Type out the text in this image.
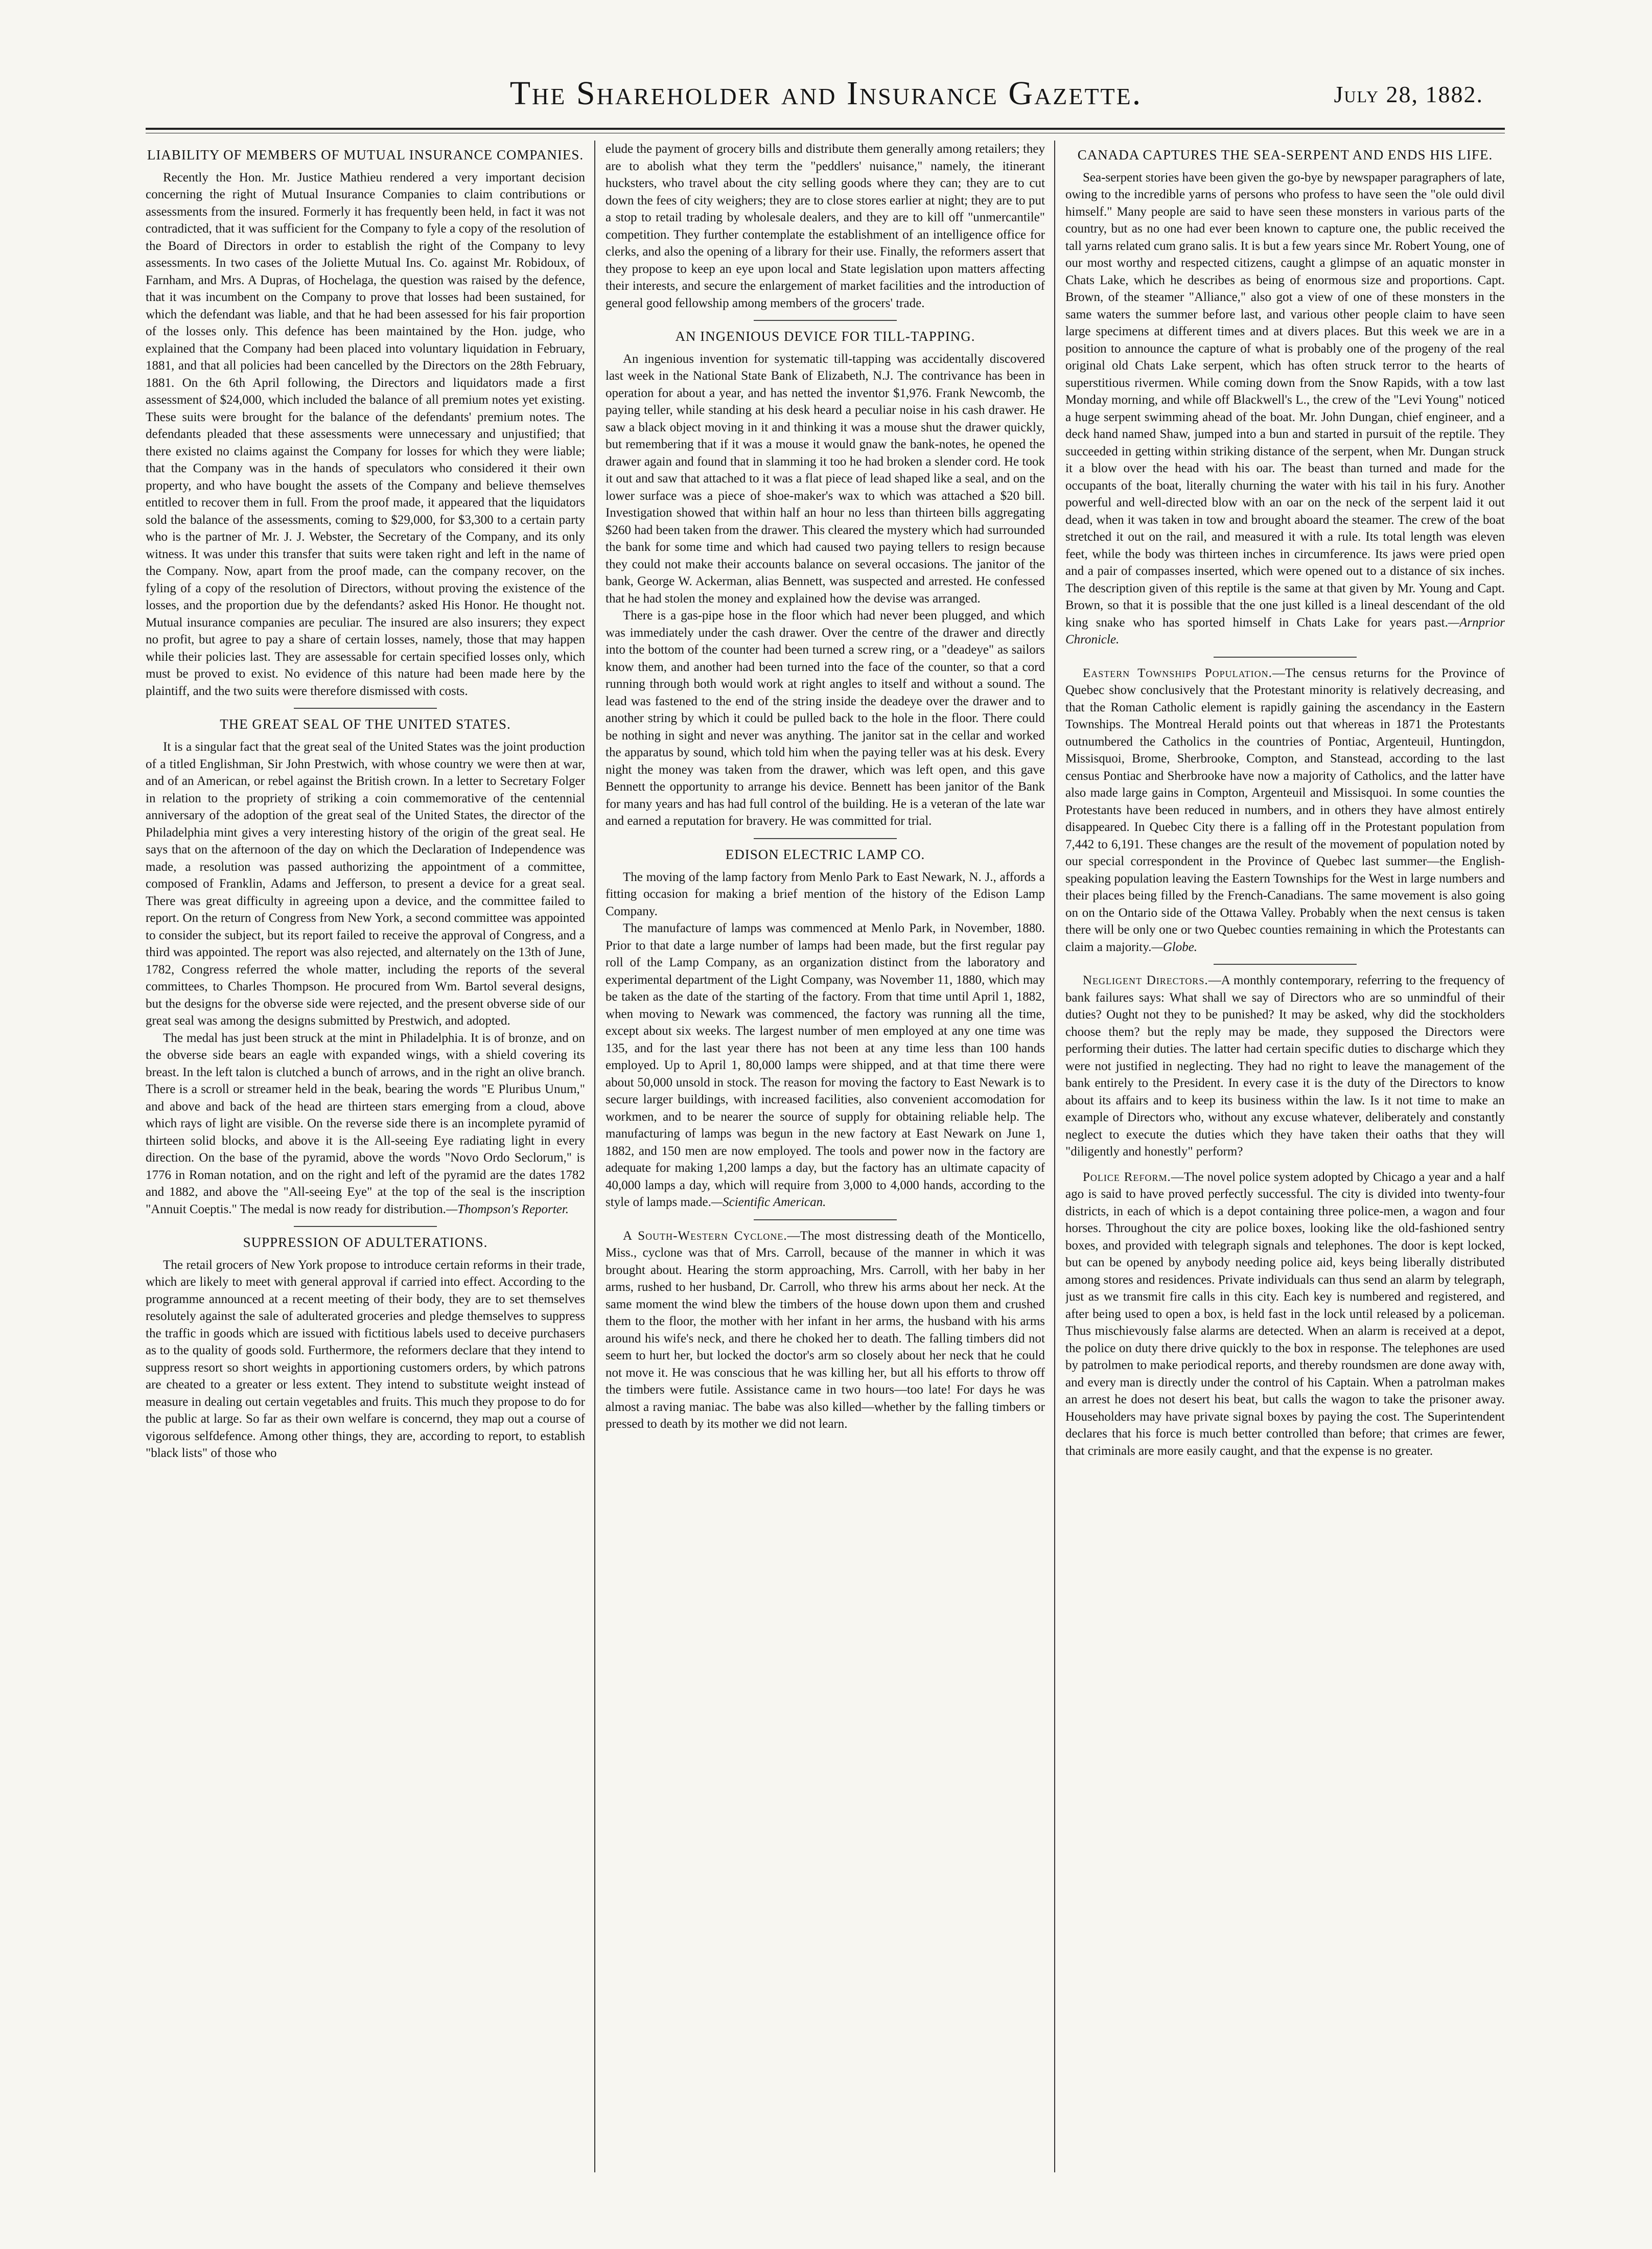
The Shareholder and Insurance Gazette.	July 28, 1882.
LIABILITY OF MEMBERS OF MUTUAL INSURANCE COMPANIES.

Recently the Hon. Mr. Justice Mathieu rendered a very important decision concerning the right of Mutual Insurance Companies to claim contributions or assessments from the insured. Formerly it has frequently been held, in fact it was not contradicted, that it was sufficient for the Company to fyle a copy of the resolution of the Board of Directors in order to establish the right of the Company to levy assessments. In two cases of the Joliette Mutual Ins. Co. against Mr. Robidoux, of Farnham, and Mrs. A Dupras, of Hochelaga, the question was raised by the defence, that it was incumbent on the Company to prove that losses had been sustained, for which the defendant was liable, and that he had been assessed for his fair proportion of the losses only. This defence has been maintained by the Hon. judge, who explained that the Company had been placed into voluntary liquidation in February, 1881, and that all policies had been cancelled by the Directors on the 28th February, 1881. On the 6th April following, the Directors and liquidators made a first assessment of $24,000, which included the balance of all premium notes yet existing. These suits were brought for the balance of the defendants' premium notes. The defendants pleaded that these assessments were unnecessary and unjustified; that there existed no claims against the Company for losses for which they were liable; that the Company was in the hands of speculators who considered it their own property, and who have bought the assets of the Company and believe themselves entitled to recover them in full. From the proof made, it appeared that the liquidators sold the balance of the assessments, coming to $29,000, for $3,300 to a certain party who is the partner of Mr. J. J. Webster, the Secretary of the Company, and its only witness. It was under this transfer that suits were taken right and left in the name of the Company. Now, apart from the proof made, can the company recover, on the fyling of a copy of the resolution of Directors, without proving the existence of the losses, and the proportion due by the defendants? asked His Honor. He thought not. Mutual insurance companies are peculiar. The insured are also insurers; they expect no profit, but agree to pay a share of certain losses, namely, those that may happen while their policies last. They are assessable for certain specified losses only, which must be proved to exist. No evidence of this nature had been made here by the plaintiff, and the two suits were therefore dismissed with costs.

THE GREAT SEAL OF THE UNITED STATES.

It is a singular fact that the great seal of the United States was the joint production of a titled Englishman, Sir John Prestwich, with whose country we were then at war, and of an American, or rebel against the British crown. In a letter to Secretary Folger in relation to the propriety of striking a coin commemorative of the centennial anniversary of the adoption of the great seal of the United States, the director of the Philadelphia mint gives a very interesting history of the origin of the great seal. He says that on the afternoon of the day on which the Declaration of Independence was made, a resolution was passed authorizing the appointment of a committee, composed of Franklin, Adams and Jefferson, to present a device for a great seal. There was great difficulty in agreeing upon a device, and the committee failed to report. On the return of Congress from New York, a second committee was appointed to consider the subject, but its report failed to receive the approval of Congress, and a third was appointed. The report was also rejected, and alternately on the 13th of June, 1782, Congress referred the whole matter, including the reports of the several committees, to Charles Thompson. He procured from Wm. Bartol several designs, but the designs for the obverse side were rejected, and the present obverse side of our great seal was among the designs submitted by Prestwich, and adopted.

The medal has just been struck at the mint in Philadelphia. It is of bronze, and on the obverse side bears an eagle with expanded wings, with a shield covering its breast. In the left talon is clutched a bunch of arrows, and in the right an olive branch. There is a scroll or streamer held in the beak, bearing the words "E Pluribus Unum," and above and back of the head are thirteen stars emerging from a cloud, above which rays of light are visible. On the reverse side there is an incomplete pyramid of thirteen solid blocks, and above it is the All-seeing Eye radiating light in every direction. On the base of the pyramid, above the words "Novo Ordo Seclorum," is 1776 in Roman notation, and on the right and left of the pyramid are the dates 1782 and 1882, and above the "All-seeing Eye" at the top of the seal is the inscription "Annuit Coeptis." The medal is now ready for distribution.—Thompson's Reporter.

SUPPRESSION OF ADULTERATIONS.

The retail grocers of New York propose to introduce certain reforms in their trade, which are likely to meet with general approval if carried into effect. According to the programme announced at a recent meeting of their body, they are to set themselves resolutely against the sale of adulterated groceries and pledge themselves to suppress the traffic in goods which are issued with fictitious labels used to deceive purchasers as to the quality of goods sold. Furthermore, the reformers declare that they intend to suppress resort so short weights in apportioning customers orders, by which patrons are cheated to a greater or less extent. They intend to substitute weight instead of measure in dealing out certain vegetables and fruits. This much they propose to do for the public at large. So far as their own welfare is concernd, they map out a course of vigorous selfdefence. Among other things, they are, according to report, to establish "black lists" of those who

elude the payment of grocery bills and distribute them generally among retailers; they are to abolish what they term the "peddlers' nuisance," namely, the itinerant hucksters, who travel about the city selling goods where they can; they are to cut down the fees of city weighers; they are to close stores earlier at night; they are to put a stop to retail trading by wholesale dealers, and they are to kill off "unmercantile" competition. They further contemplate the establishment of an intelligence office for clerks, and also the opening of a library for their use. Finally, the reformers assert that they propose to keep an eye upon local and State legislation upon matters affecting their interests, and secure the enlargement of market facilities and the introduction of general good fellowship among members of the grocers' trade.

AN INGENIOUS DEVICE FOR TILL-TAPPING.

An ingenious invention for systematic till-tapping was accidentally discovered last week in the National State Bank of Elizabeth, N.J. The contrivance has been in operation for about a year, and has netted the inventor $1,976. Frank Newcomb, the paying teller, while standing at his desk heard a peculiar noise in his cash drawer. He saw a black object moving in it and thinking it was a mouse shut the drawer quickly, but remembering that if it was a mouse it would gnaw the bank-notes, he opened the drawer again and found that in slamming it too he had broken a slender cord. He took it out and saw that attached to it was a flat piece of lead shaped like a seal, and on the lower surface was a piece of shoe-maker's wax to which was attached a $20 bill. Investigation showed that within half an hour no less than thirteen bills aggregating $260 had been taken from the drawer. This cleared the mystery which had surrounded the bank for some time and which had caused two paying tellers to resign because they could not make their accounts balance on several occasions. The janitor of the bank, George W. Ackerman, alias Bennett, was suspected and arrested. He confessed that he had stolen the money and explained how the devise was arranged.

There is a gas-pipe hose in the floor which had never been plugged, and which was immediately under the cash drawer. Over the centre of the drawer and directly into the bottom of the counter had been turned a screw ring, or a "deadeye" as sailors know them, and another had been turned into the face of the counter, so that a cord running through both would work at right angles to itself and without a sound. The lead was fastened to the end of the string inside the deadeye over the drawer and to another string by which it could be pulled back to the hole in the floor. There could be nothing in sight and never was anything. The janitor sat in the cellar and worked the apparatus by sound, which told him when the paying teller was at his desk. Every night the money was taken from the drawer, which was left open, and this gave Bennett the opportunity to arrange his device. Bennett has been janitor of the Bank for many years and has had full control of the building. He is a veteran of the late war and earned a reputation for bravery. He was committed for trial.

EDISON ELECTRIC LAMP CO.

The moving of the lamp factory from Menlo Park to East Newark, N. J., affords a fitting occasion for making a brief mention of the history of the Edison Lamp Company.

The manufacture of lamps was commenced at Menlo Park, in November, 1880. Prior to that date a large number of lamps had been made, but the first regular pay roll of the Lamp Company, as an organization distinct from the laboratory and experimental department of the Light Company, was November 11, 1880, which may be taken as the date of the starting of the factory. From that time until April 1, 1882, when moving to Newark was commenced, the factory was running all the time, except about six weeks. The largest number of men employed at any one time was 135, and for the last year there has not been at any time less than 100 hands employed. Up to April 1, 80,000 lamps were shipped, and at that time there were about 50,000 unsold in stock. The reason for moving the factory to East Newark is to secure larger buildings, with increased facilities, also convenient accomodation for workmen, and to be nearer the source of supply for obtaining reliable help. The manufacturing of lamps was begun in the new factory at East Newark on June 1, 1882, and 150 men are now employed. The tools and power now in the factory are adequate for making 1,200 lamps a day, but the factory has an ultimate capacity of 40,000 lamps a day, which will require from 3,000 to 4,000 hands, according to the style of lamps made.—Scientific American.

A South-Western Cyclone.—The most distressing death of the Monticello, Miss., cyclone was that of Mrs. Carroll, because of the manner in which it was brought about. Hearing the storm approaching, Mrs. Carroll, with her baby in her arms, rushed to her husband, Dr. Carroll, who threw his arms about her neck. At the same moment the wind blew the timbers of the house down upon them and crushed them to the floor, the mother with her infant in her arms, the husband with his arms around his wife's neck, and there he choked her to death. The falling timbers did not seem to hurt her, but locked the doctor's arm so closely about her neck that he could not move it. He was conscious that he was killing her, but all his efforts to throw off the timbers were futile. Assistance came in two hours—too late! For days he was almost a raving maniac. The babe was also killed—whether by the falling timbers or pressed to death by its mother we did not learn.

CANADA CAPTURES THE SEA-SERPENT AND ENDS HIS LIFE.

Sea-serpent stories have been given the go-bye by newspaper paragraphers of late, owing to the incredible yarns of persons who profess to have seen the "ole ould divil himself." Many people are said to have seen these monsters in various parts of the country, but as no one had ever been known to capture one, the public received the tall yarns related cum grano salis. It is but a few years since Mr. Robert Young, one of our most worthy and respected citizens, caught a glimpse of an aquatic monster in Chats Lake, which he describes as being of enormous size and proportions. Capt. Brown, of the steamer "Alliance," also got a view of one of these monsters in the same waters the summer before last, and various other people claim to have seen large specimens at different times and at divers places. But this week we are in a position to announce the capture of what is probably one of the progeny of the real original old Chats Lake serpent, which has often struck terror to the hearts of superstitious rivermen. While coming down from the Snow Rapids, with a tow last Monday morning, and while off Blackwell's L., the crew of the "Levi Young" noticed a huge serpent swimming ahead of the boat. Mr. John Dungan, chief engineer, and a deck hand named Shaw, jumped into a bun and started in pursuit of the reptile. They succeeded in getting within striking distance of the serpent, when Mr. Dungan struck it a blow over the head with his oar. The beast than turned and made for the occupants of the boat, literally churning the water with his tail in his fury. Another powerful and well-directed blow with an oar on the neck of the serpent laid it out dead, when it was taken in tow and brought aboard the steamer. The crew of the boat stretched it out on the rail, and measured it with a rule. Its total length was eleven feet, while the body was thirteen inches in circumference. Its jaws were pried open and a pair of compasses inserted, which were opened out to a distance of six inches. The description given of this reptile is the same at that given by Mr. Young and Capt. Brown, so that it is possible that the one just killed is a lineal descendant of the old king snake who has sported himself in Chats Lake for years past.—Arnprior Chronicle.

Eastern Townships Population.—The census returns for the Province of Quebec show conclusively that the Protestant minority is relatively decreasing, and that the Roman Catholic element is rapidly gaining the ascendancy in the Eastern Townships. The Montreal Herald points out that whereas in 1871 the Protestants outnumbered the Catholics in the countries of Pontiac, Argenteuil, Huntingdon, Missisquoi, Brome, Sherbrooke, Compton, and Stanstead, according to the last census Pontiac and Sherbrooke have now a majority of Catholics, and the latter have also made large gains in Compton, Argenteuil and Missisquoi. In some counties the Protestants have been reduced in numbers, and in others they have almost entirely disappeared. In Quebec City there is a falling off in the Protestant population from 7,442 to 6,191. These changes are the result of the movement of population noted by our special correspondent in the Province of Quebec last summer—the English-speaking population leaving the Eastern Townships for the West in large numbers and their places being filled by the French-Canadians. The same movement is also going on on the Ontario side of the Ottawa Valley. Probably when the next census is taken there will be only one or two Quebec counties remaining in which the Protestants can claim a majority.—Globe.

Negligent Directors.—A monthly contemporary, referring to the frequency of bank failures says: What shall we say of Directors who are so unmindful of their duties? Ought not they to be punished? It may be asked, why did the stockholders choose them? but the reply may be made, they supposed the Directors were performing their duties. The latter had certain specific duties to discharge which they were not justified in neglecting. They had no right to leave the management of the bank entirely to the President. In every case it is the duty of the Directors to know about its affairs and to keep its business within the law. Is it not time to make an example of Directors who, without any excuse whatever, deliberately and constantly neglect to execute the duties which they have taken their oaths that they will "diligently and honestly" perform?

Police Reform.—The novel police system adopted by Chicago a year and a half ago is said to have proved perfectly successful. The city is divided into twenty-four districts, in each of which is a depot containing three police-men, a wagon and four horses. Throughout the city are police boxes, looking like the old-fashioned sentry boxes, and provided with telegraph signals and telephones. The door is kept locked, but can be opened by anybody needing police aid, keys being liberally distributed among stores and residences. Private individuals can thus send an alarm by telegraph, just as we transmit fire calls in this city. Each key is numbered and registered, and after being used to open a box, is held fast in the lock until released by a policeman. Thus mischievously false alarms are detected. When an alarm is received at a depot, the police on duty there drive quickly to the box in response. The telephones are used by patrolmen to make periodical reports, and thereby roundsmen are done away with, and every man is directly under the control of his Captain. When a patrolman makes an arrest he does not desert his beat, but calls the wagon to take the prisoner away. Householders may have private signal boxes by paying the cost. The Superintendent declares that his force is much better controlled than before; that crimes are fewer, that criminals are more easily caught, and that the expense is no greater.
